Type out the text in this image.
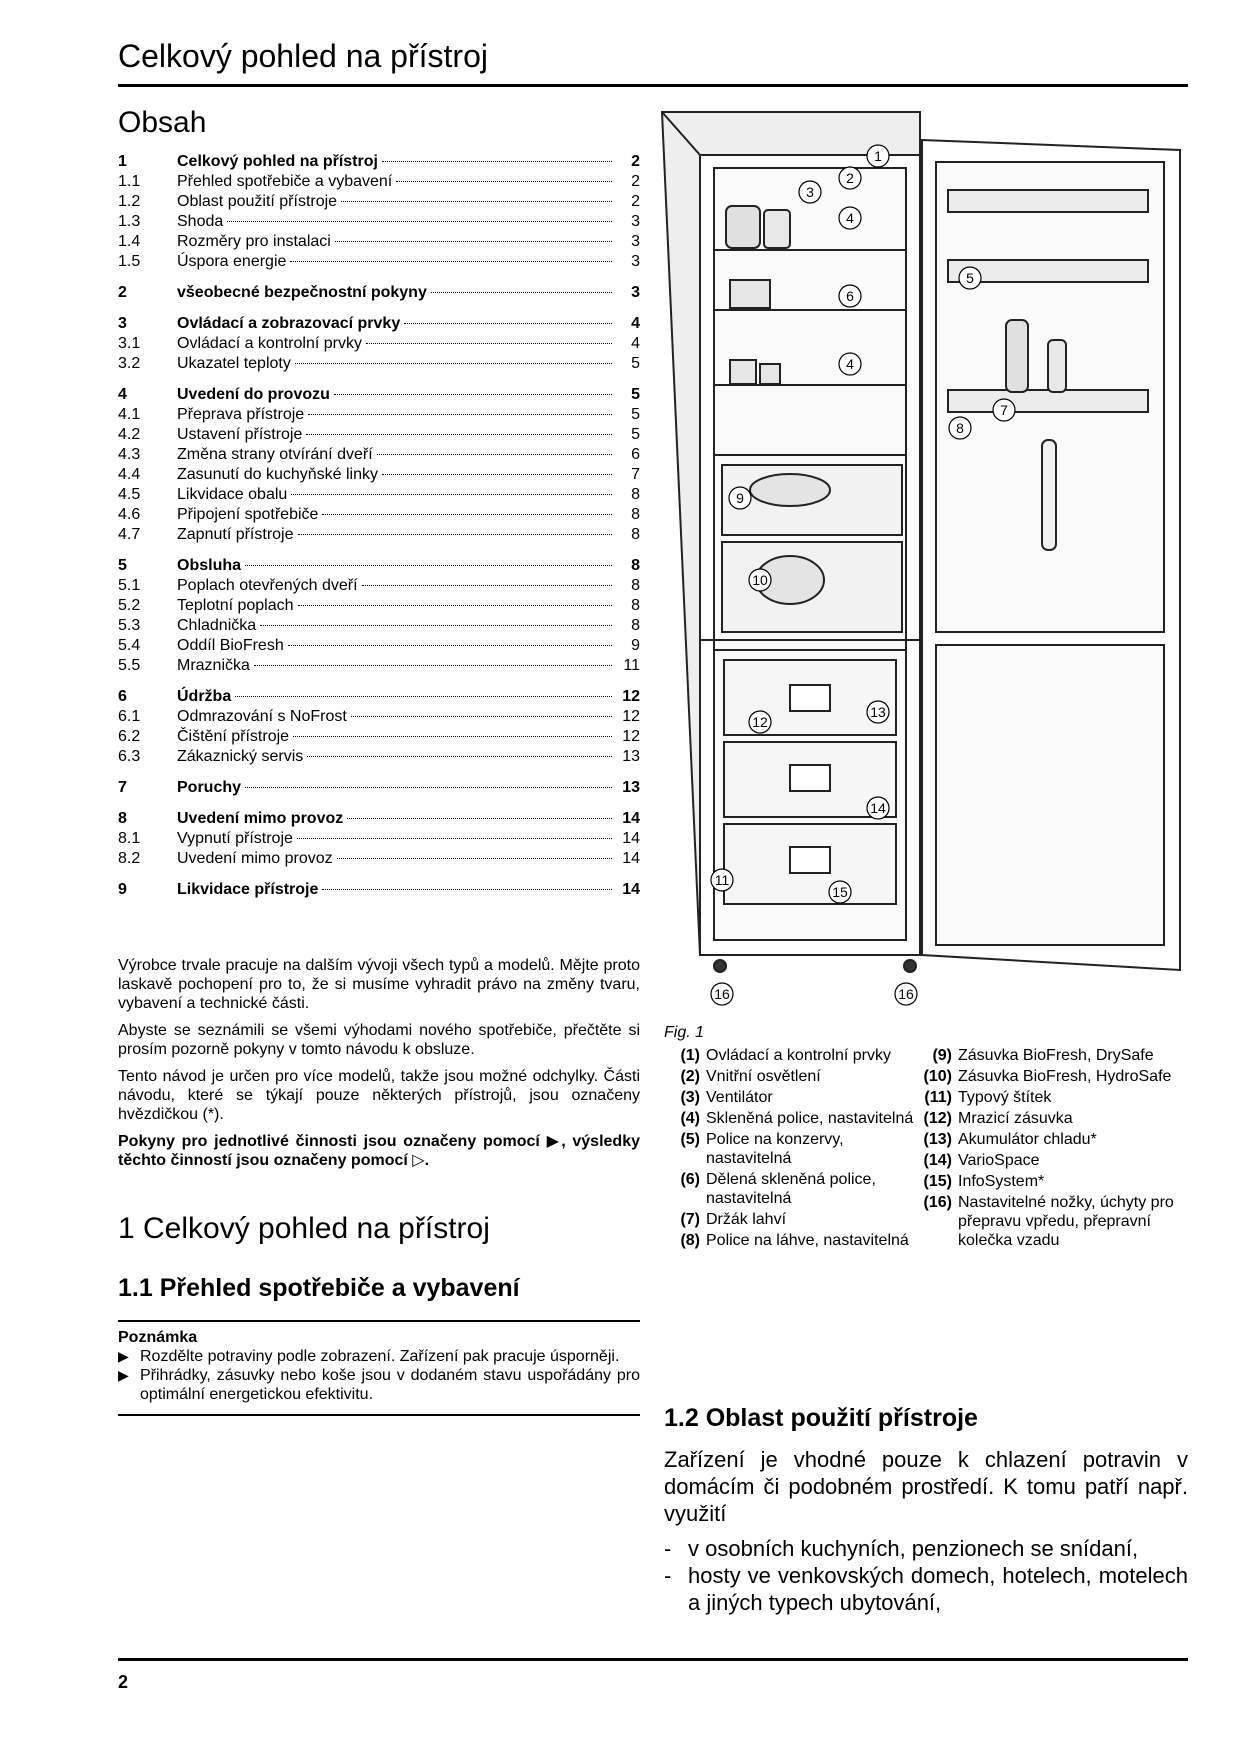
Celkový pohled na přístroj
Obsah
1	Celkový pohled na přístroj	2
1.1	Přehled spotřebiče a vybavení	2
1.2	Oblast použití přístroje	2
1.3	Shoda	3
1.4	Rozměry pro instalaci	3
1.5	Úspora energie	3
2	všeobecné bezpečnostní pokyny	3
3	Ovládací a zobrazovací prvky	4
3.1	Ovládací a kontrolní prvky	4
3.2	Ukazatel teploty	5
4	Uvedení do provozu	5
4.1	Přeprava přístroje	5
4.2	Ustavení přístroje	5
4.3	Změna strany otvírání dveří	6
4.4	Zasunutí do kuchyňské linky	7
4.5	Likvidace obalu	8
4.6	Připojení spotřebiče	8
4.7	Zapnutí přístroje	8
5	Obsluha	8
5.1	Poplach otevřených dveří	8
5.2	Teplotní poplach	8
5.3	Chladnička	8
5.4	Oddíl BioFresh	9
5.5	Mraznička	11
6	Údržba	12
6.1	Odmrazování s NoFrost	12
6.2	Čištění přístroje	12
6.3	Zákaznický servis	13
7	Poruchy	13
8	Uvedení mimo provoz	14
8.1	Vypnutí přístroje	14
8.2	Uvedení mimo provoz	14
9	Likvidace přístroje	14

Výrobce trvale pracuje na dalším vývoji všech typů a modelů. Mějte proto laskavě pochopení pro to, že si musíme vyhradit právo na změny tvaru, vybavení a technické části.

Abyste se seznámili se všemi výhodami nového spotřebiče, přečtěte si prosím pozorně pokyny v tomto návodu k obsluze.

Tento návod je určen pro více modelů, takže jsou možné odchylky. Části návodu, které se týkají pouze některých přístrojů, jsou označeny hvězdičkou (*).

Pokyny pro jednotlivé činnosti jsou označeny pomocí ▶, výsledky těchto činností jsou označeny pomocí ▷.

1 Celkový pohled na přístroj
1.1 Přehled spotřebiče a vybavení
Poznámka
▶ Rozdělte potraviny podle zobrazení. Zařízení pak pracuje úsporněji.
▶ Přihrádky, zásuvky nebo koše jsou v dodaném stavu uspořádány pro optimální energetickou efektivitu.
1
2
3
4
5
6
4
7
8
9
10
12
13
14
11
15
16	16
Fig. 1
(1) Ovládací a kontrolní prvky
(2) Vnitřní osvětlení
(3) Ventilátor
(4) Skleněná police, nastavitelná
(5) Police na konzervy, nastavitelná
(6) Dělená skleněná police, nastavitelná
(7) Držák lahví
(8) Police na láhve, nastavitelná
(9) Zásuvka BioFresh, DrySafe
(10) Zásuvka BioFresh, HydroSafe
(11) Typový štítek
(12) Mrazicí zásuvka
(13) Akumulátor chladu*
(14) VarioSpace
(15) InfoSystem*
(16) Nastavitelné nožky, úchyty pro přepravu vpředu, přepravní kolečka vzadu
1.2 Oblast použití přístroje

Zařízení je vhodné pouze k chlazení potravin v domácím či podobném prostředí. K tomu patří např. využití

- v osobních kuchyních, penzionech se snídaní,
- hosty ve venkovských domech, hotelech, motelech a jiných typech ubytování,
2
